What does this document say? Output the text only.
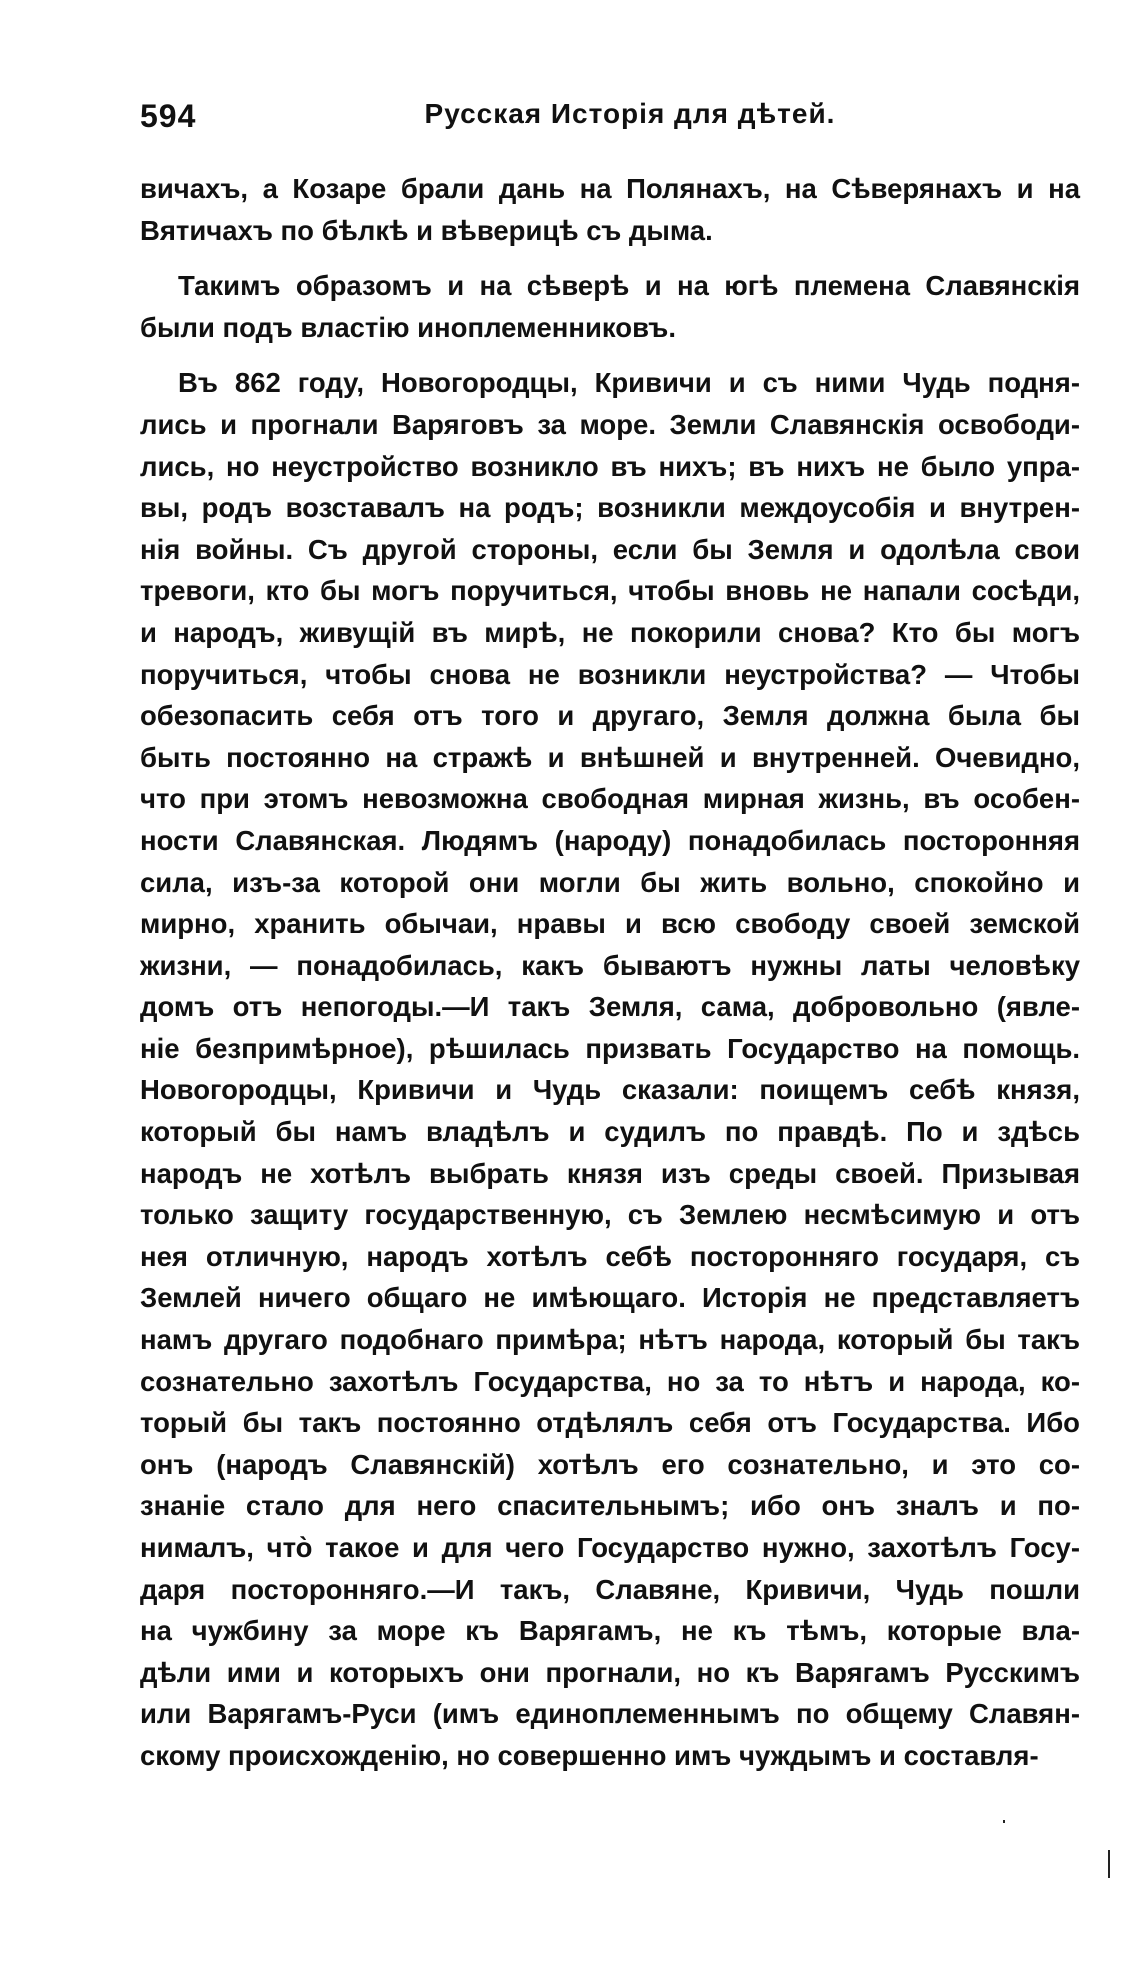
594	Русская Исторія для дѣтей.
вичахъ, а Козаре брали дань на Полянахъ, на Сѣверянахъ и на
Вятичахъ по бѣлкѣ и вѣверицѣ съ дыма.
Такимъ образомъ и на сѣверѣ и на югѣ племена Славянскія
были подъ властію иноплеменниковъ.
Въ 862 году, Новогородцы, Кривичи и съ ними Чудь подня-
лись и прогнали Варяговъ за море. Земли Славянскія освободи-
лись, но неустройство возникло въ нихъ; въ нихъ не было упра-
вы, родъ возставалъ на родъ; возникли междоусобія и внутрен-
нія войны. Съ другой стороны, если бы Земля и одолѣла свои
тревоги, кто бы могъ поручиться, чтобы вновь не напали сосѣди,
и народъ, живущій въ мирѣ, не покорили снова? Кто бы могъ
поручиться, чтобы снова не возникли неустройства? — Чтобы
обезопасить себя отъ того и другаго, Земля должна была бы
быть постоянно на стражѣ и внѣшней и внутренней. Очевидно,
что при этомъ невозможна свободная мирная жизнь, въ особен-
ности Славянская. Людямъ (народу) понадобилась посторонняя
сила, изъ-за которой они могли бы жить вольно, спокойно и
мирно, хранить обычаи, нравы и всю свободу своей земской
жизни, — понадобилась, какъ бываютъ нужны латы человѣку
домъ отъ непогоды.—И такъ Земля, сама, добровольно (явле-
ніе безпримѣрное), рѣшилась призвать Государство на помощь.
Новогородцы, Кривичи и Чудь сказали: поищемъ себѣ князя,
который бы намъ владѣлъ и судилъ по правдѣ. По и здѣсь
народъ не хотѣлъ выбрать князя изъ среды своей. Призывая
только защиту государственную, съ Землею несмѣсимую и отъ
нея отличную, народъ хотѣлъ себѣ посторонняго государя, съ
Землей ничего общаго не имѣющаго. Исторія не представляетъ
намъ другаго подобнаго примѣра; нѣтъ народа, который бы такъ
сознательно захотѣлъ Государства, но за то нѣтъ и народа, ко-
торый бы такъ постоянно отдѣлялъ себя отъ Государства. Ибо
онъ (народъ Славянскій) хотѣлъ его сознательно, и это со-
знаніе стало для него спасительнымъ; ибо онъ зналъ и по-
нималъ, что̀ такое и для чего Государство нужно, захотѣлъ Госу-
даря посторонняго.—И такъ, Славяне, Кривичи, Чудь пошли
на чужбину за море къ Варягамъ, не къ тѣмъ, которые вла-
дѣли ими и которыхъ они прогнали, но къ Варягамъ Русскимъ
или Варягамъ-Руси (имъ единоплеменнымъ по общему Славян-
скому происхожденію, но совершенно имъ чуждымъ и составля-
